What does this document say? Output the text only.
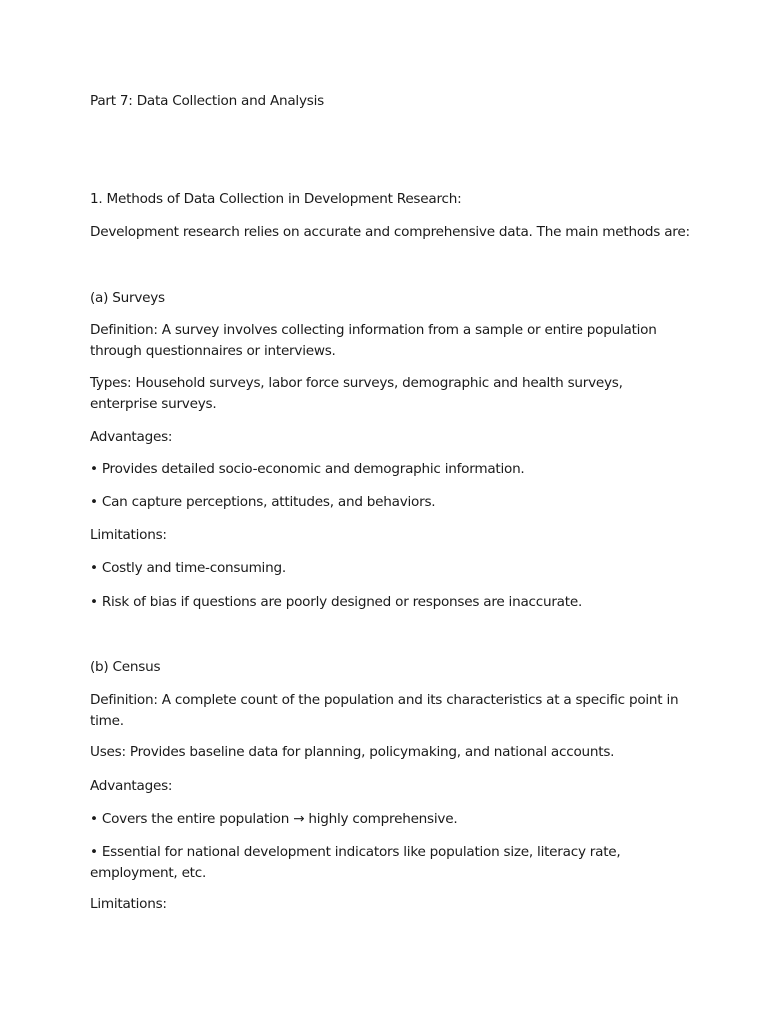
Part 7: Data Collection and Analysis

1. Methods of Data Collection in Development Research:

Development research relies on accurate and comprehensive data. The main methods are:

(a) Surveys

Definition: A survey involves collecting information from a sample or entire population through questionnaires or interviews.

Types: Household surveys, labor force surveys, demographic and health surveys, enterprise surveys.

Advantages:

• Provides detailed socio-economic and demographic information.

• Can capture perceptions, attitudes, and behaviors.

Limitations:

• Costly and time-consuming.

• Risk of bias if questions are poorly designed or responses are inaccurate.

(b) Census

Definition: A complete count of the population and its characteristics at a specific point in time.

Uses: Provides baseline data for planning, policymaking, and national accounts.

Advantages:

• Covers the entire population → highly comprehensive.

• Essential for national development indicators like population size, literacy rate, employment, etc.

Limitations:
